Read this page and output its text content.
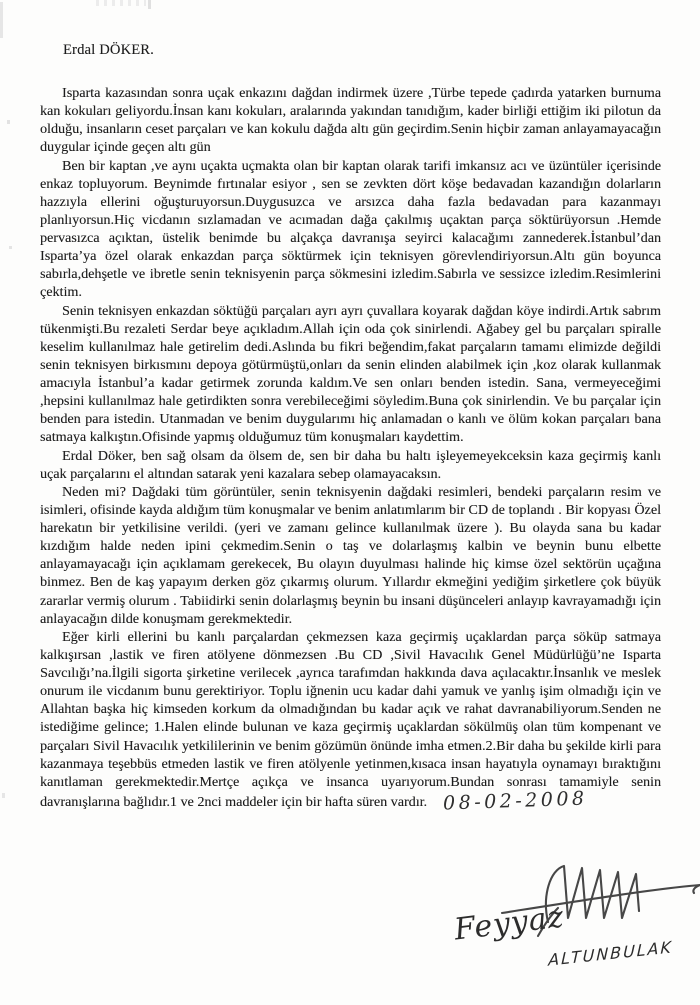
Erdal DÖKER.

Isparta kazasından sonra uçak enkazını dağdan indirmek üzere ,Türbe tepede çadırda yatarken burnuma kan kokuları geliyordu.İnsan kanı kokuları, aralarında yakından tanıdığım, kader birliği ettiğim iki pilotun da olduğu, insanların ceset parçaları ve kan kokulu dağda altı gün geçirdim.Senin hiçbir zaman anlayamayacağın duygular içinde geçen altı gün

Ben bir kaptan ,ve aynı uçakta uçmakta olan bir kaptan olarak tarifi imkansız acı ve üzüntüler içerisinde enkaz topluyorum. Beynimde fırtınalar esiyor , sen se zevkten dört köşe bedavadan kazandığın dolarların hazzıyla ellerini oğuşturuyorsun.Duygusuzca ve arsızca daha fazla bedavadan para kazanmayı planlıyorsun.Hiç vicdanın sızlamadan ve acımadan dağa çakılmış uçaktan parça söktürüyorsun .Hemde pervasızca açıktan, üstelik benimde bu alçakça davranışa seyirci kalacağımı zannederek.İstanbul’dan Isparta’ya özel olarak enkazdan parça söktürmek için teknisyen görevlendiriyorsun.Altı gün boyunca sabırla,dehşetle ve ibretle senin teknisyenin parça sökmesini izledim.Sabırla ve sessizce izledim.Resimlerini çektim.

Senin teknisyen enkazdan söktüğü parçaları ayrı ayrı çuvallara koyarak dağdan köye indirdi.Artık sabrım tükenmişti.Bu rezaleti Serdar beye açıkladım.Allah için oda çok sinirlendi. Ağabey gel bu parçaları spiralle keselim kullanılmaz hale getirelim dedi.Aslında bu fikri beğendim,fakat parçaların tamamı elimizde değildi senin teknisyen birkısmını depoya götürmüştü,onları da senin elinden alabilmek için ,koz olarak kullanmak amacıyla İstanbul’a kadar getirmek zorunda kaldım.Ve sen onları benden istedin. Sana, vermeyeceğimi ,hepsini kullanılmaz hale getirdikten sonra verebileceğimi söyledim.Buna çok sinirlendin. Ve bu parçalar için benden para istedin. Utanmadan ve benim duygularımı hiç anlamadan o kanlı ve ölüm kokan parçaları bana satmaya kalkıştın.Ofisinde yapmış olduğumuz tüm konuşmaları kaydettim.

Erdal Döker, ben sağ olsam da ölsem de, sen bir daha bu haltı işleyemeyekceksin kaza geçirmiş kanlı uçak parçalarını el altından satarak yeni kazalara sebep olamayacaksın.

Neden mi? Dağdaki tüm görüntüler, senin teknisyenin dağdaki resimleri, bendeki parçaların resim ve isimleri, ofisinde kayda aldığım tüm konuşmalar ve benim anlatımlarım bir CD de toplandı . Bir kopyası Özel harekatın bir yetkilisine verildi. (yeri ve zamanı gelince kullanılmak üzere ). Bu olayda sana bu kadar kızdığım halde neden ipini çekmedim.Senin o taş ve dolarlaşmış kalbin ve beynin bunu elbette anlayamayacağı için açıklamam gerekecek, Bu olayın duyulması halinde hiç kimse özel sektörün uçağına binmez. Ben de kaş yapayım derken göz çıkarmış olurum. Yıllardır ekmeğini yediğim şirketlere çok büyük zararlar vermiş olurum . Tabiidirki senin dolarlaşmış beynin bu insani düşünceleri anlayıp kavrayamadığı için anlayacağın dilde konuşmam gerekmektedir.

Eğer kirli ellerini bu kanlı parçalardan çekmezsen kaza geçirmiş uçaklardan parça söküp satmaya kalkışırsan ,lastik ve firen atölyene dönmezsen .Bu CD ,Sivil Havacılık Genel Müdürlüğü’ne Isparta Savcılığı’na.İlgili sigorta şirketine verilecek ,ayrıca tarafımdan hakkında dava açılacaktır.İnsanlık ve meslek onurum ile vicdanım bunu gerektiriyor. Toplu iğnenin ucu kadar dahi yamuk ve yanlış işim olmadığı için ve Allahtan başka hiç kimseden korkum da olmadığından bu kadar açık ve rahat davranabiliyorum.Senden ne istediğime gelince; 1.Halen elinde bulunan ve kaza geçirmiş uçaklardan sökülmüş olan tüm kompenant ve parçaları Sivil Havacılık yetkililerinin ve benim gözümün önünde imha etmen.2.Bir daha bu şekilde kirli para kazanmaya teşebbüs etmeden lastik ve firen atölyenle yetinmen,kısaca insan hayatıyla oynamayı bıraktığını kanıtlaman gerekmektedir.Mertçe açıkça ve insanca uyarıyorum.Bundan sonrası tamamiyle senin davranışlarına bağlıdır.1 ve 2nci maddeler için bir hafta süren vardır. 08-02-2008

Feyyaz
ALTUNBULAK
